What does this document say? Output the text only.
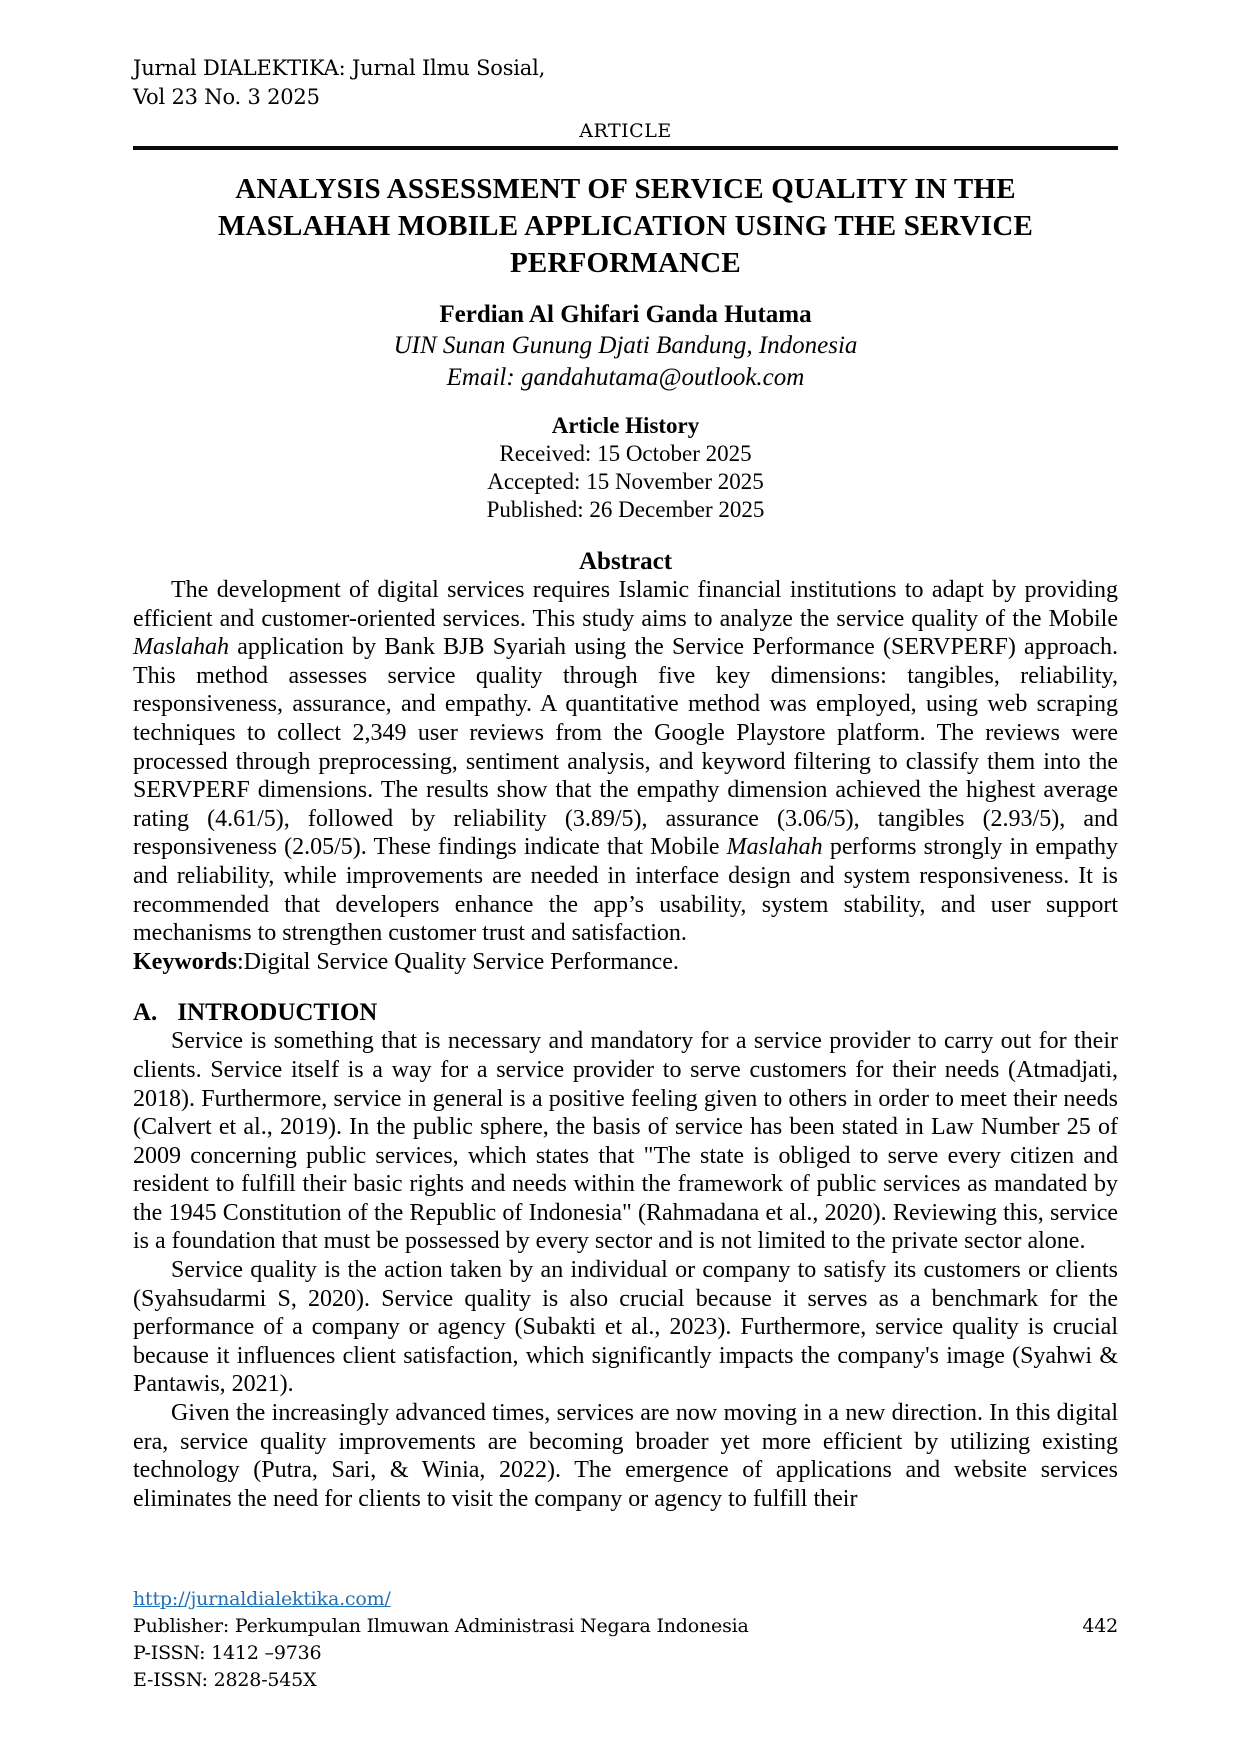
Jurnal DIALEKTIKA: Jurnal Ilmu Sosial,
Vol 23 No. 3 2025
ARTICLE
ANALYSIS ASSESSMENT OF SERVICE QUALITY IN THE
MASLAHAH MOBILE APPLICATION USING THE SERVICE
PERFORMANCE
Ferdian Al Ghifari Ganda Hutama
UIN Sunan Gunung Djati Bandung, Indonesia
Email: gandahutama@outlook.com
Article History
Received: 15 October 2025
Accepted: 15 November 2025
Published: 26 December 2025
Abstract

The development of digital services requires Islamic financial institutions to adapt by providing efficient and customer-oriented services. This study aims to analyze the service quality of the Mobile Maslahah application by Bank BJB Syariah using the Service Performance (SERVPERF) approach. This method assesses service quality through five key dimensions: tangibles, reliability, responsiveness, assurance, and empathy. A quantitative method was employed, using web scraping techniques to collect 2,349 user reviews from the Google Playstore platform. The reviews were processed through preprocessing, sentiment analysis, and keyword filtering to classify them into the SERVPERF dimensions. The results show that the empathy dimension achieved the highest average rating (4.61/5), followed by reliability (3.89/5), assurance (3.06/5), tangibles (2.93/5), and responsiveness (2.05/5). These findings indicate that Mobile Maslahah performs strongly in empathy and reliability, while improvements are needed in interface design and system responsiveness. It is recommended that developers enhance the app’s usability, system stability, and user support mechanisms to strengthen customer trust and satisfaction.

Keywords:Digital Service Quality Service Performance.

A. INTRODUCTION

Service is something that is necessary and mandatory for a service provider to carry out for their clients. Service itself is a way for a service provider to serve customers for their needs (Atmadjati, 2018). Furthermore, service in general is a positive feeling given to others in order to meet their needs (Calvert et al., 2019). In the public sphere, the basis of service has been stated in Law Number 25 of 2009 concerning public services, which states that "The state is obliged to serve every citizen and resident to fulfill their basic rights and needs within the framework of public services as mandated by the 1945 Constitution of the Republic of Indonesia" (Rahmadana et al., 2020). Reviewing this, service is a foundation that must be possessed by every sector and is not limited to the private sector alone.

Service quality is the action taken by an individual or company to satisfy its customers or clients (Syahsudarmi S, 2020). Service quality is also crucial because it serves as a benchmark for the performance of a company or agency (Subakti et al., 2023). Furthermore, service quality is crucial because it influences client satisfaction, which significantly impacts the company's image (Syahwi & Pantawis, 2021).

Given the increasingly advanced times, services are now moving in a new direction. In this digital era, service quality improvements are becoming broader yet more efficient by utilizing existing technology (Putra, Sari, & Winia, 2022). The emergence of applications and website services eliminates the need for clients to visit the company or agency to fulfill their

http://jurnaldialektika.com/
Publisher: Perkumpulan Ilmuwan Administrasi Negara Indonesia	442
P-ISSN: 1412 –9736
E-ISSN: 2828-545X
